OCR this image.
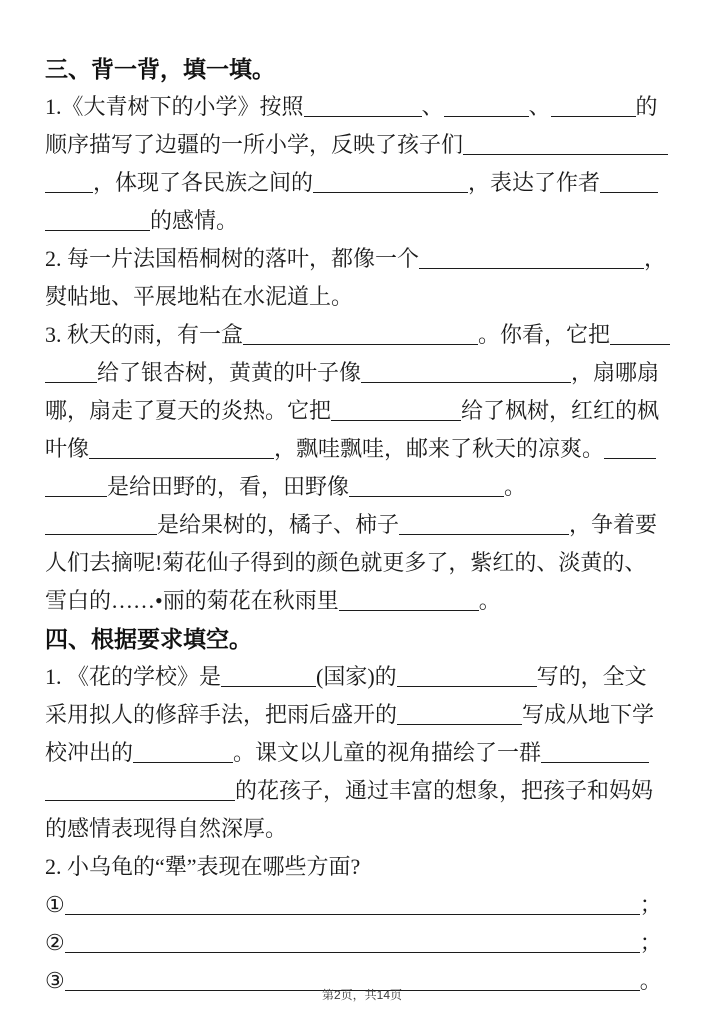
三、背一背，填一填。
1.《大青树下的小学》按照	、	、	的
顺序描写了边疆的一所小学，反映了孩子们
，体现了各民族之间的	，表达了作者
的感情。
2. 每一片法国梧桐树的落叶，都像一个	，
熨帖地、平展地粘在水泥道上。
3. 秋天的雨，有一盒	。你看，它把
给了银杏树，黄黄的叶子像	，扇哪扇
哪，扇走了夏天的炎热。它把	给了枫树，红红的枫
叶像	，飘哇飘哇，邮来了秋天的凉爽。
是给田野的，看，田野像	。
是给果树的，橘子、柿子	，争着要
人们去摘呢!菊花仙子得到的颜色就更多了，紫红的、淡黄的、
雪白的……•丽的菊花在秋雨里	。
四、根据要求填空。
1. 《花的学校》是	(国家)的	写的，全文
采用拟人的修辞手法，把雨后盛开的	写成从地下学
校冲出的	。课文以儿童的视角描绘了一群
的花孩子，通过丰富的想象，把孩子和妈妈
的感情表现得自然深厚。
2. 小乌龟的“犟”表现在哪些方面?
①	；
②	；
③	。
第2页，共14页
